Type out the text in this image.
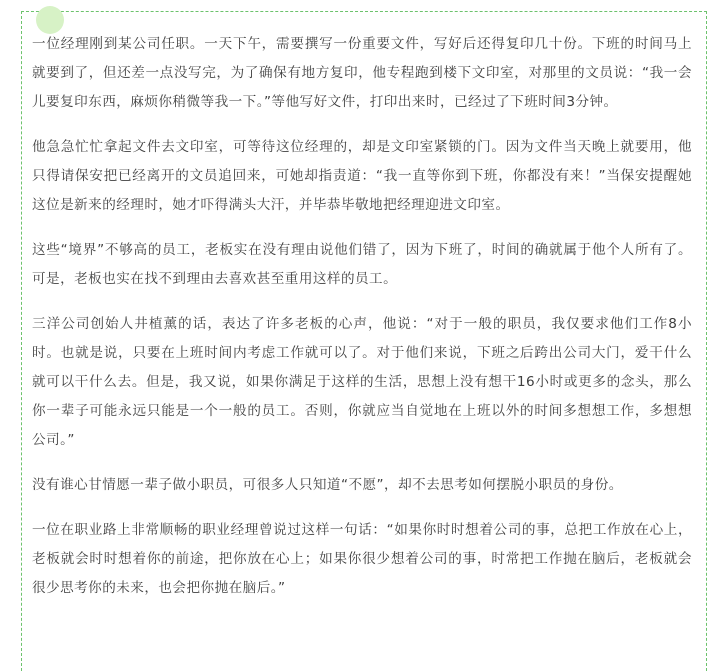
一位经理刚到某公司任职。一天下午，需要撰写一份重要文件，写好后还得复印几十份。下班的时间马上就要到了，但还差一点没写完，为了确保有地方复印，他专程跑到楼下文印室，对那里的文员说：“我一会儿要复印东西，麻烦你稍微等我一下。”等他写好文件，打印出来时，已经过了下班时间3分钟。

他急急忙忙拿起文件去文印室，可等待这位经理的，却是文印室紧锁的门。因为文件当天晚上就要用，他只得请保安把已经离开的文员追回来，可她却指责道：“我一直等你到下班，你都没有来！”当保安提醒她这位是新来的经理时，她才吓得满头大汗，并毕恭毕敬地把经理迎进文印室。

这些“境界”不够高的员工，老板实在没有理由说他们错了，因为下班了，时间的确就属于他个人所有了。可是，老板也实在找不到理由去喜欢甚至重用这样的员工。

三洋公司创始人井植薰的话，表达了许多老板的心声，他说：“对于一般的职员，我仅要求他们工作8小时。也就是说，只要在上班时间内考虑工作就可以了。对于他们来说，下班之后跨出公司大门，爱干什么就可以干什么去。但是，我又说，如果你满足于这样的生活，思想上没有想干16小时或更多的念头，那么你一辈子可能永远只能是一个一般的员工。否则，你就应当自觉地在上班以外的时间多想想工作，多想想公司。”

没有谁心甘情愿一辈子做小职员，可很多人只知道“不愿”，却不去思考如何摆脱小职员的身份。

一位在职业路上非常顺畅的职业经理曾说过这样一句话：“如果你时时想着公司的事，总把工作放在心上，老板就会时时想着你的前途，把你放在心上；如果你很少想着公司的事，时常把工作抛在脑后，老板就会很少思考你的未来，也会把你抛在脑后。”
